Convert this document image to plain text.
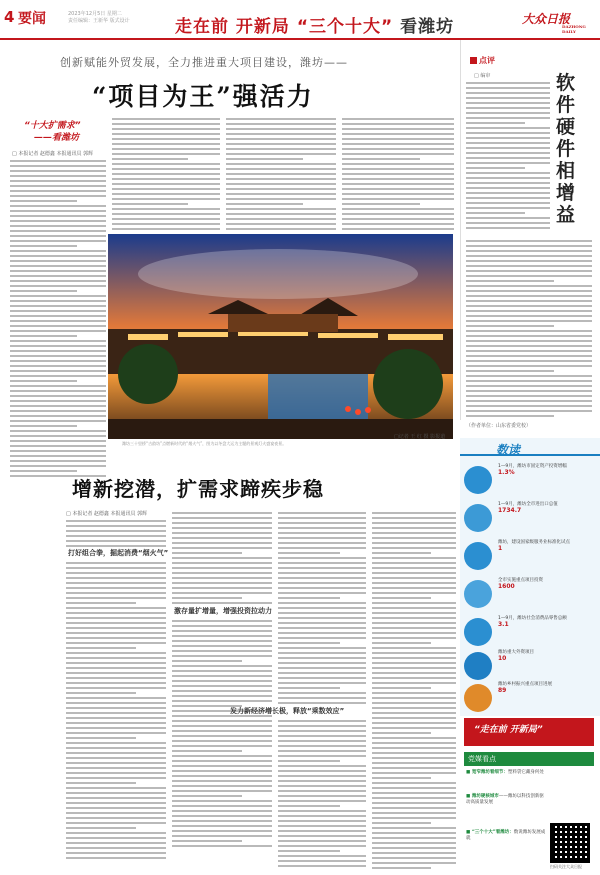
4 要闻	2023年12月5日 星期二
责任编辑：王新华 版式设计	走在前 开新局 “三个十大” 看潍坊	大众日报
DAZHONG DAILY
创新赋能外贸发展，全力推进重大项目建设，潍坊——
“项目为王”强活力
“十大扩需求”
——看潍坊
□ 本报记者 赵德鑫 本报通讯员 郭辉
□记者 王 红 摄 影报道
潍坊三十里桥“古韵坊”点燃新时代的“烟火气”，图为以冬盘大运为主题的景观灯火盛宴夜景。
增新挖潜，扩需求蹄疾步稳
□ 本报记者 赵德鑫 本报通讯员 郭辉
打好组合拳，掘起消费“烟火气”
激存量扩增量，增强投资拉动力
发力新经济增长极，释放“乘数效应”
点评
□ 编审	软件硬件相增益
（作者单位：山东省委党校）
数读
1—9月，潍坊市固定资产投资增幅
1.3%
1—9月，潍坊全市进出口总值
1734.7
潍坊，建设国家级服务业标准化试点
1
全市实施重点项目投资
1600
1—9月，潍坊社会消费品零售总额
3.1
潍坊重大外资项目
10
潍坊乡村振兴重点项目进展
89
“走在前 开新局”
党媒看点
■ 宽窄潍坊看细节：塑料袋它藏身何处
■ 潍坊硬核城市——潍坊以科技创新驱动高质量发展
■ “三个十大”看潍坊：数说潍坊发展成就
扫码关注大众日报
